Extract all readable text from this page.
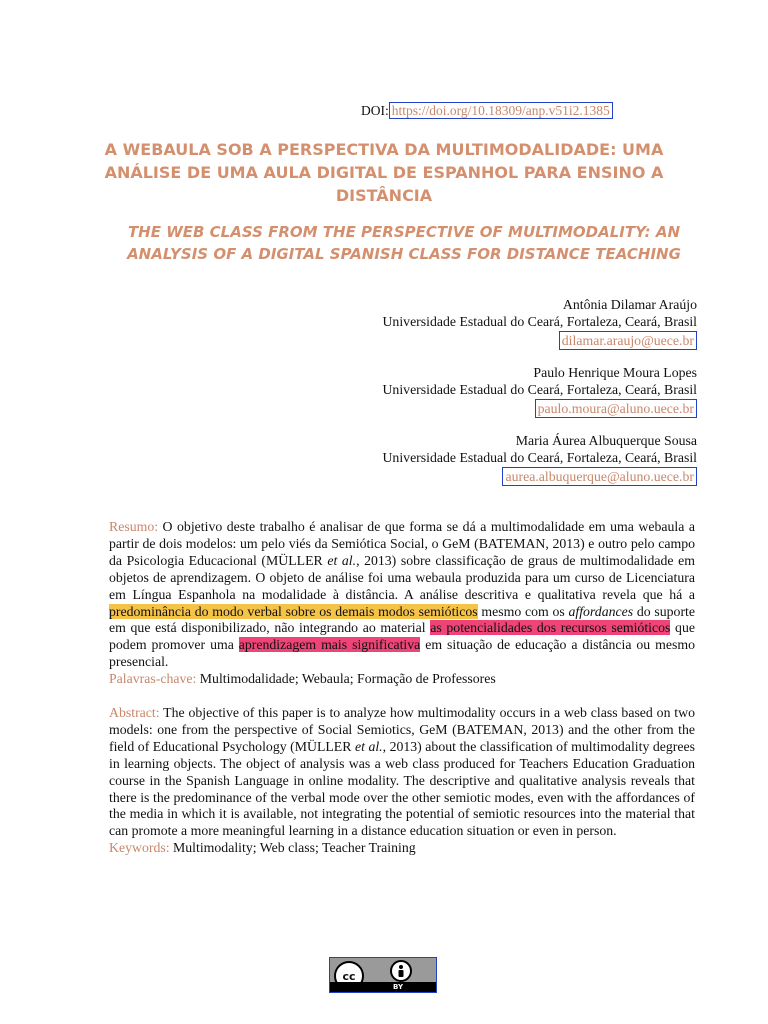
DOI: https://doi.org/10.18309/anp.v51i2.1385
A WEBAULA SOB A PERSPECTIVA DA MULTIMODALIDADE: UMA ANÁLISE DE UMA AULA DIGITAL DE ESPANHOL PARA ENSINO A DISTÂNCIA
THE WEB CLASS FROM THE PERSPECTIVE OF MULTIMODALITY: AN ANALYSIS OF A DIGITAL SPANISH CLASS FOR DISTANCE TEACHING
Antônia Dilamar Araújo
Universidade Estadual do Ceará, Fortaleza, Ceará, Brasil
dilamar.araujo@uece.br
Paulo Henrique Moura Lopes
Universidade Estadual do Ceará, Fortaleza, Ceará, Brasil
paulo.moura@aluno.uece.br
Maria Áurea Albuquerque Sousa
Universidade Estadual do Ceará, Fortaleza, Ceará, Brasil
aurea.albuquerque@aluno.uece.br
Resumo: O objetivo deste trabalho é analisar de que forma se dá a multimodalidade em uma webaula a partir de dois modelos: um pelo viés da Semiótica Social, o GeM (BATEMAN, 2013) e outro pelo campo da Psicologia Educacional (MÜLLER et al., 2013) sobre classificação de graus de multimodalidade em objetos de aprendizagem. O objeto de análise foi uma webaula produzida para um curso de Licenciatura em Língua Espanhola na modalidade à distância. A análise descritiva e qualitativa revela que há a predominância do modo verbal sobre os demais modos semióticos mesmo com os affordances do suporte em que está disponibilizado, não integrando ao material as potencialidades dos recursos semióticos que podem promover uma aprendizagem mais significativa em situação de educação a distância ou mesmo presencial.
Palavras-chave: Multimodalidade; Webaula; Formação de Professores
Abstract: The objective of this paper is to analyze how multimodality occurs in a web class based on two models: one from the perspective of Social Semiotics, GeM (BATEMAN, 2013) and the other from the field of Educational Psychology (MÜLLER et al., 2013) about the classification of multimodality degrees in learning objects. The object of analysis was a web class produced for Teachers Education Graduation course in the Spanish Language in online modality. The descriptive and qualitative analysis reveals that there is the predominance of the verbal mode over the other semiotic modes, even with the affordances of the media in which it is available, not integrating the potential of semiotic resources into the material that can promote a more meaningful learning in a distance education situation or even in person.
Keywords: Multimodality; Web class; Teacher Training
cc
BY
